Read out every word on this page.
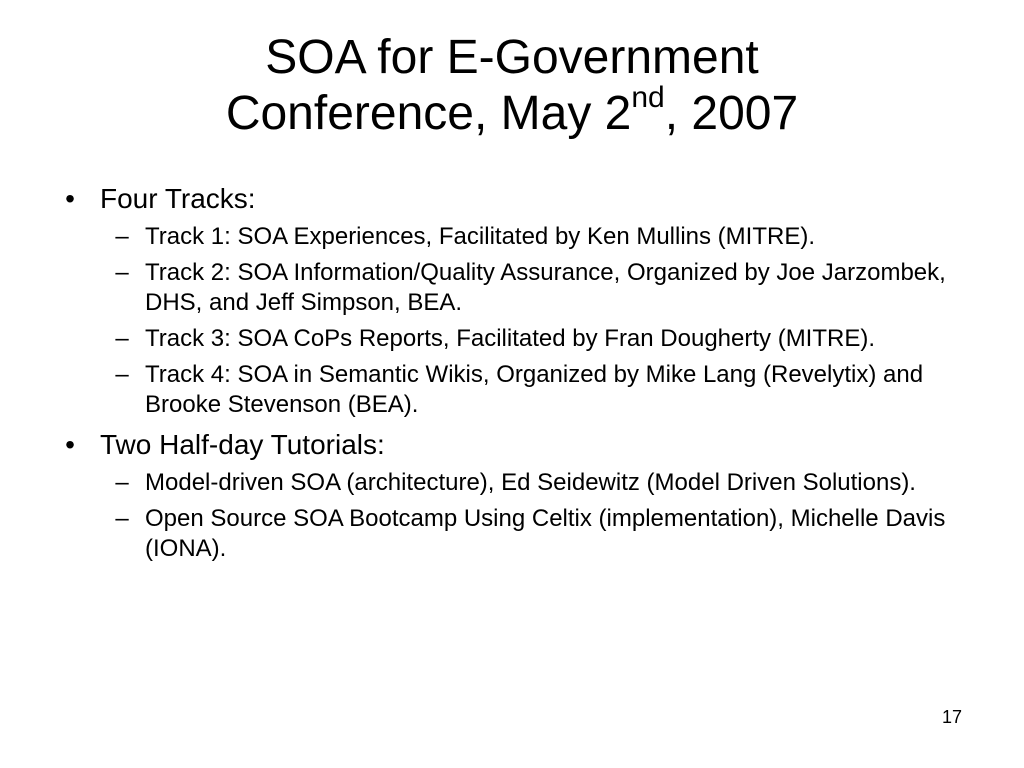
SOA for E-Government
Conference, May 2nd, 2007
• Four Tracks:
– Track 1: SOA Experiences, Facilitated by Ken Mullins (MITRE).
– Track 2: SOA Information/Quality Assurance, Organized by Joe Jarzombek, DHS, and Jeff Simpson, BEA.
– Track 3: SOA CoPs Reports, Facilitated by Fran Dougherty (MITRE).
– Track 4: SOA in Semantic Wikis, Organized by Mike Lang (Revelytix) and Brooke Stevenson (BEA).
• Two Half-day Tutorials:
– Model-driven SOA (architecture), Ed Seidewitz (Model Driven Solutions).
– Open Source SOA Bootcamp Using Celtix (implementation), Michelle Davis (IONA).
17
